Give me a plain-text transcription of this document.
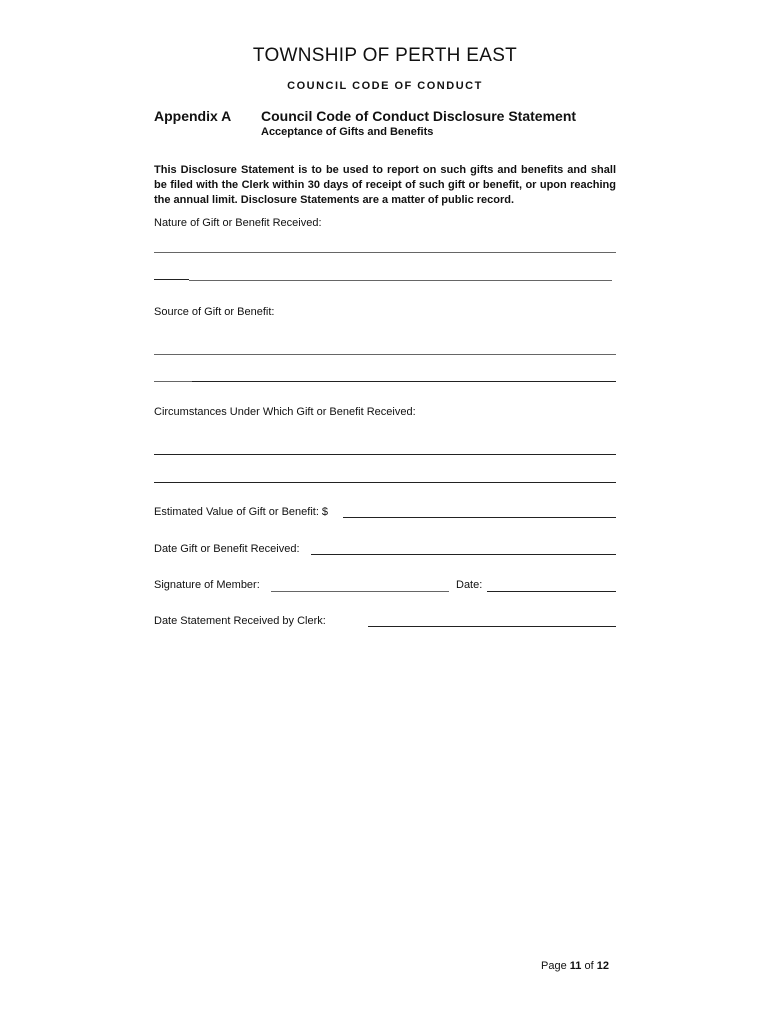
TOWNSHIP OF PERTH EAST
COUNCIL CODE OF CONDUCT
Appendix A Council Code of Conduct Disclosure Statement
Acceptance of Gifts and Benefits
This Disclosure Statement is to be used to report on such gifts and benefits and shall be filed with the Clerk within 30 days of receipt of such gift or benefit, or upon reaching the annual limit. Disclosure Statements are a matter of public record.
Nature of Gift or Benefit Received:
Source of Gift or Benefit:
Circumstances Under Which Gift or Benefit Received:
Estimated Value of Gift or Benefit: $
Date Gift or Benefit Received:
Signature of Member:	Date:
Date Statement Received by Clerk:
Page 11 of 12
